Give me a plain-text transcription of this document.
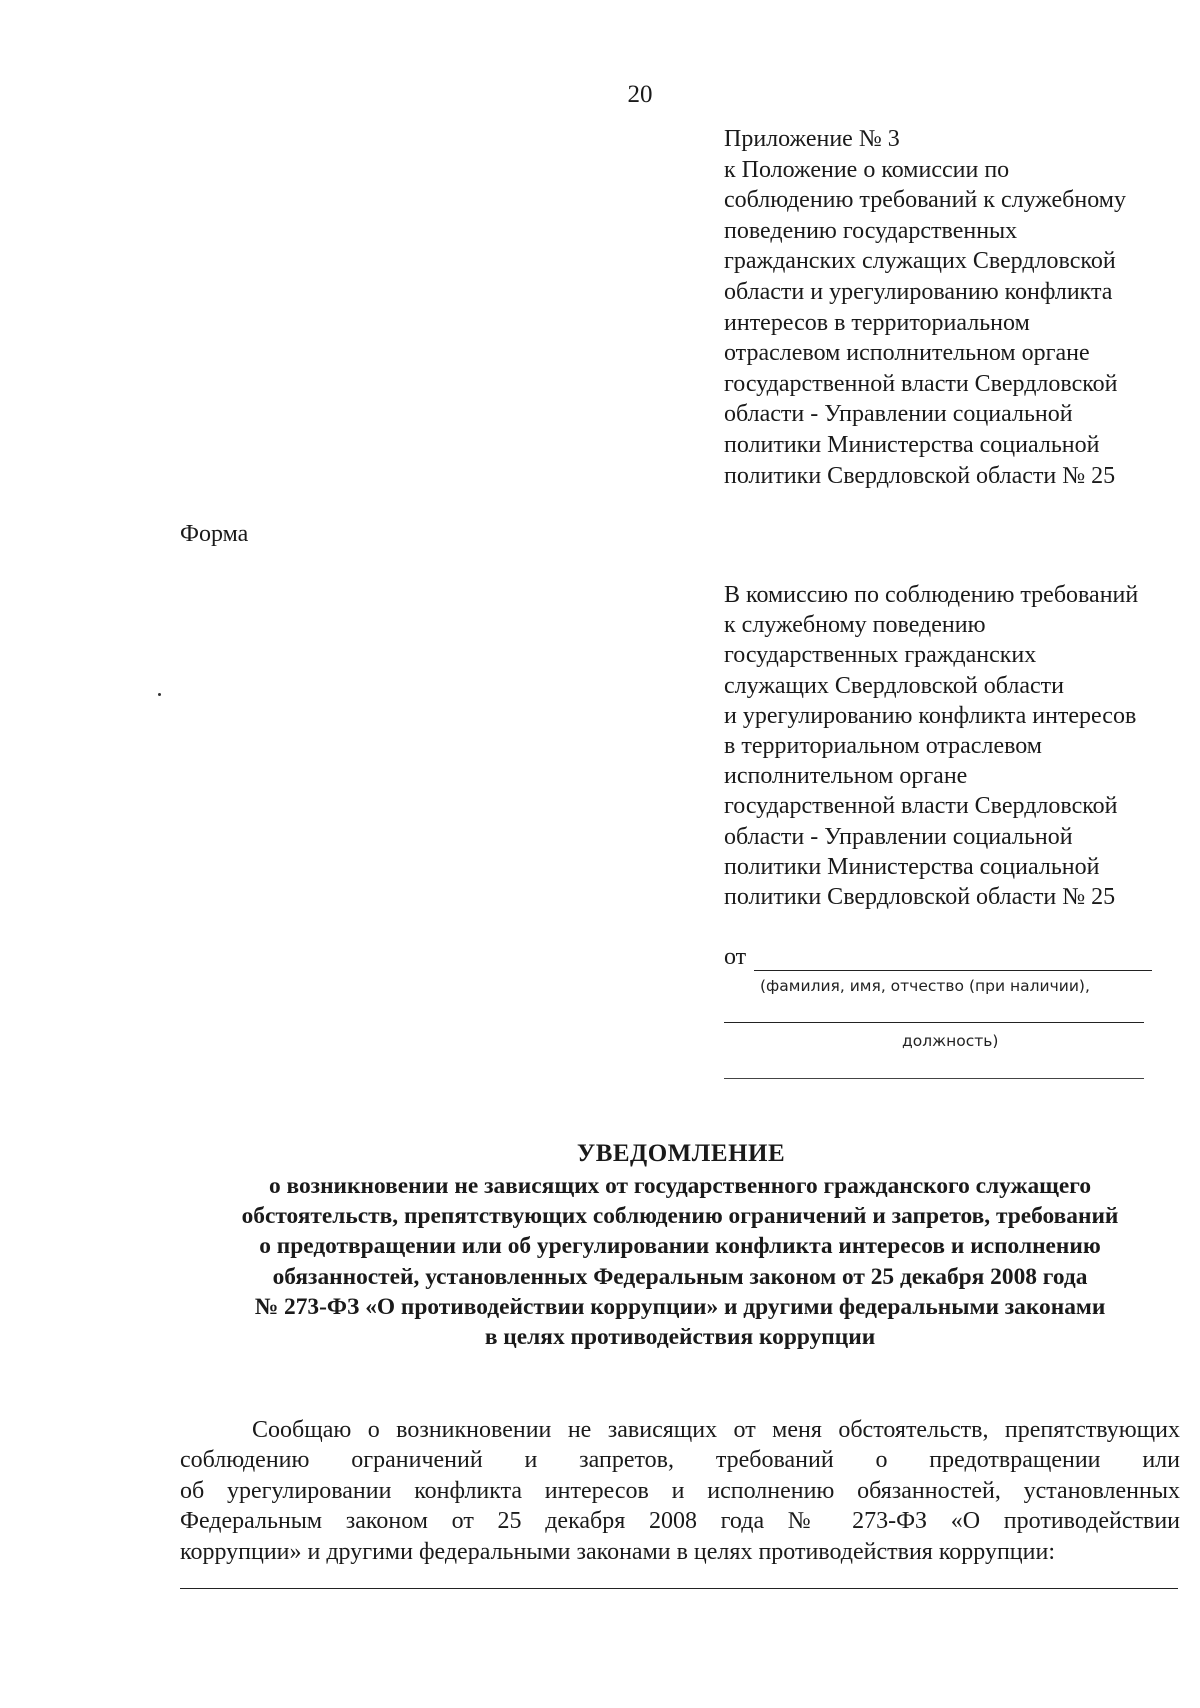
20
Приложение № 3
к Положение о комиссии по
соблюдению требований к служебному
поведению государственных
гражданских служащих Свердловской
области и урегулированию конфликта
интересов в территориальном
отраслевом исполнительном органе
государственной власти Свердловской
области - Управлении социальной
политики Министерства социальной
политики Свердловской области № 25
Форма
В комиссию по соблюдению требований
к служебному поведению
государственных гражданских
служащих Свердловской области
и урегулированию конфликта интересов
в территориальном отраслевом
исполнительном органе
государственной власти Свердловской
области - Управлении социальной
политики Министерства социальной
политики Свердловской области № 25
от
(фамилия, имя, отчество (при наличии),
должность)
УВЕДОМЛЕНИЕ
о возникновении не зависящих от государственного гражданского служащего
обстоятельств, препятствующих соблюдению ограничений и запретов, требований
о предотвращении или об урегулировании конфликта интересов и исполнению
обязанностей, установленных Федеральным законом от 25 декабря 2008 года
№ 273-ФЗ «О противодействии коррупции» и другими федеральными законами
в целях противодействия коррупции
Сообщаю о возникновении не зависящих от меня обстоятельств, препятствующих
соблюдению ограничений и запретов, требований о предотвращении или
об урегулировании конфликта интересов и исполнению обязанностей, установленных
Федеральным законом от 25 декабря 2008 года № 273-ФЗ «О противодействии
коррупции» и другими федеральными законами в целях противодействия коррупции:
